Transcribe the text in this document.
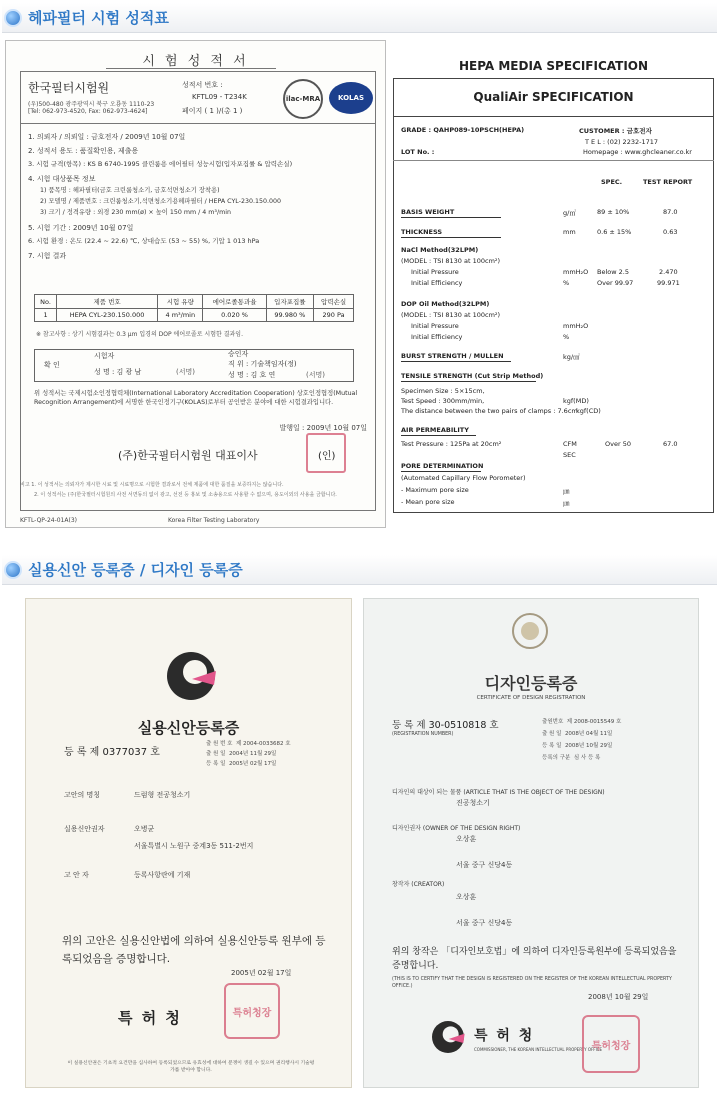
헤파필터 시험 성적표
시 험 성 적 서
한국필터시험원
(우)500-480 광주광역시 북구 오룡동 1110-23
[Tel: 062-973-4520, Fax: 062-973-4624]
성적서 번호 :
KFTL09 - T234K
페이지 ( 1 )/(총 1 )
ilac-MRA	KOLAS
1. 의뢰자 / 의뢰일 : 금호전자 / 2009년 10월 07일
2. 성적서 용도 : 품질확인용, 제출용
3. 시험 규격(항목) : KS B 6740-1995 클린룸용 에어필터 성능시험(입자포집률 & 압력손실)
4. 시험 대상품목 정보
1) 품목명 : 헤파필터(금호 크린룸청소기, 금호석면청소기 장착용)
2) 모델명 / 제품번호 : 크린룸청소기,석면청소기용헤파필터 / HEPA CYL-230.150.000
3) 크기 / 정격유량 : 외경 230 mm(ø) × 높이 150 mm / 4 m³/min
5. 시험 기간 : 2009년 10월 07일
6. 시험 환경 : 온도 (22.4 ~ 22.6) ℃, 상대습도 (53 ~ 55) %, 기압 1 013 hPa
7. 시험 결과
No.	제품 번호	시험 유량	에어로졸통과율	입자포집률	압력손실
1	HEPA CYL-230.150.000	4 m³/min	0.020 %	99.980 %	290 Pa
※ 참고사항 : 상기 시험결과는 0.3 μm 입경의 DOP 에어로졸로 시험한 결과임.
확 인
시험자
성 명 : 김 광 남	(서명)
승인자
직 위 : 기술책임자(정)
성 명 : 김 호 연	(서명)
위 성적서는 국제시험소인정협력체(International Laboratory Accreditation Cooperation) 상호인정협정(Mutual Recognition Arrangement)에 서명한 한국인정기구(KOLAS)로부터 공인받은 분야에 대한 시험결과입니다.
발행일 : 2009년 10월 07일
(주)한국필터시험원 대표이사	(인)
비고 1. 이 성적서는 의뢰자가 제시한 시료 및 시료명으로 시험한 결과로서 전체 제품에 대한 품질을 보증하지는 않습니다.
2. 이 성적서는 (주)한국필터시험원의 사전 서면동의 없이 광고, 선전 등 홍보 및 소송용으로 사용할 수 없으며, 용도이외의 사용을 금합니다.
KFTL-QP-24-01A(3)	Korea Filter Testing Laboratory
HEPA MEDIA SPECIFICATION
QualiAir SPECIFICATION
GRADE : QAHP089-10PSCH(HEPA)	CUSTOMER : 금호전자
T E L : (02) 2232-1717
LOT No. :	Homepage : www.ghcleaner.co.kr
SPEC.	TEST REPORT
BASIS WEIGHT	g/㎡	89 ± 10%	87.0
THICKNESS	mm	0.6 ± 15%	0.63
NaCl Method(32LPM)
(MODEL : TSI 8130 at 100cm²)
Initial Pressure	mmH₂O Below 2.5	2.470
Initial Efficiency	%	Over 99.97	99.971
DOP Oil Method(32LPM)
(MODEL : TSI 8130 at 100cm²)
Initial Pressure	mmH₂O
Initial Efficiency	%
BURST STRENGTH / MULLEN	kg/㎠
TENSILE STRENGTH (Cut Strip Method)
Specimen Size : 5×15cm,
Test Speed : 300mm/min,	kgf(MD)
The distance between the two pairs of clamps : 7.6cm
kgf(CD)
AIR PERMEABILITY
Test Pressure : 125Pa at 20cm²	CFM	Over 50	67.0
SEC
PORE DETERMINATION
(Automated Capillary Flow Porometer)
- Maximum pore size	㎛
- Mean pore size	㎛
실용신안 등록증 / 디자인 등록증
실용신안등록증
등 록 제 0377037 호
출 원 번 호 제 2004-0033682 호
출 원 일 2004년 11월 29일
등 록 일 2005년 02월 17일
고안의 명칭	드럼형 전공청소기
실용신안권자	오병균
서울특별시 노원구 중계3동 511-2번지
고 안 자	등록사항란에 기재
위의 고안은 실용신안법에 의하여 실용신안등록 원부에 등록되었음을 증명합니다.
2005년 02월 17일
특 허 청	특허청장
이 실용신안권은 기초적 요건만을 심사하여 등록되었으므로 유효성에 대하여 분쟁이 생길 수 있으며 권리행사시 기술평가를 받아야 합니다.
디자인등록증
CERTIFICATE OF DESIGN REGISTRATION
등 록 제 30-0510818 호
(REGISTRATION NUMBER)
출원번호 제 2008-0015549 호
출 원 일 2008년 04월 11일
등 록 일 2008년 10월 29일
등록의 구분 심 사 등 록
디자인의 대상이 되는 물품 (ARTICLE THAT IS THE OBJECT OF THE DESIGN)
진공청소기
디자인권자 (OWNER OF THE DESIGN RIGHT)
오상훈
서울 중구 신당4동
창작자 (CREATOR)
오상훈
서울 중구 신당4동
위의 창작은 「디자인보호법」에 의하여 디자인등록원부에 등록되었음을 증명합니다.
(THIS IS TO CERTIFY THAT THE DESIGN IS REGISTERED ON THE REGISTER OF THE KOREAN INTELLECTUAL PROPERTY OFFICE.)
2008년 10월 29일
특 허 청
COMMISSIONER, THE KOREAN INTELLECTUAL PROPERTY OFFICE
특허청장
